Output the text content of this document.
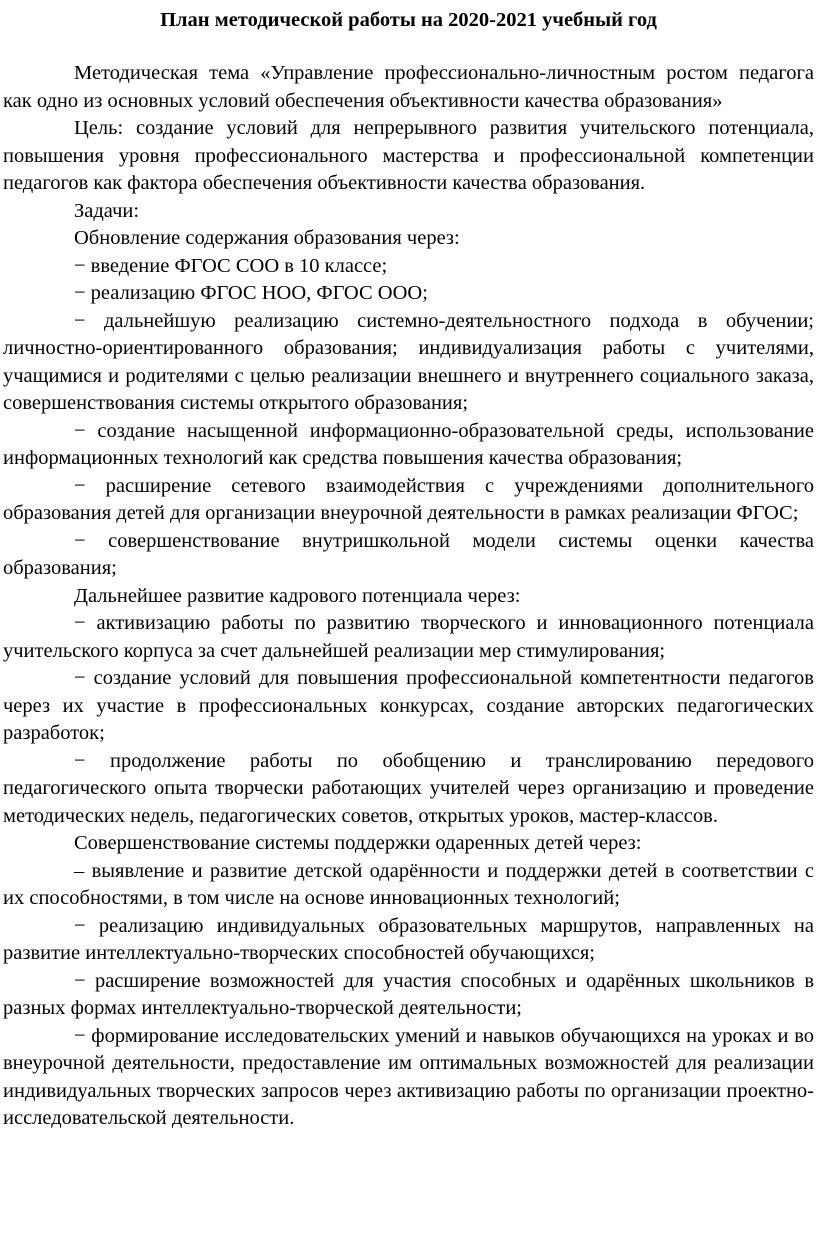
План методической работы на 2020-2021 учебный год

Методическая тема «Управление профессионально-личностным ростом педагога как одно из основных условий обеспечения объективности качества образования»

Цель: создание условий для непрерывного развития учительского потенциала, повышения уровня профессионального мастерства и профессиональной компетенции педагогов как фактора обеспечения объективности качества образования.

Задачи:

Обновление содержания образования через:

− введение ФГОС СОО в 10 классе;

− реализацию ФГОС НОО, ФГОС ООО;

− дальнейшую реализацию системно-деятельностного подхода в обучении; личностно-ориентированного образования; индивидуализация работы с учителями, учащимися и родителями с целью реализации внешнего и внутреннего социального заказа, совершенствования системы открытого образования;

− создание насыщенной информационно-образовательной среды, использование информационных технологий как средства повышения качества образования;

− расширение сетевого взаимодействия с учреждениями дополнительного образования детей для организации внеурочной деятельности в рамках реализации ФГОС;

− совершенствование внутришкольной модели системы оценки качества образования;

Дальнейшее развитие кадрового потенциала через:

− активизацию работы по развитию творческого и инновационного потенциала учительского корпуса за счет дальнейшей реализации мер стимулирования;

− создание условий для повышения профессиональной компетентности педагогов через их участие в профессиональных конкурсах, создание авторских педагогических разработок;

− продолжение работы по обобщению и транслированию передового педагогического опыта творчески работающих учителей через организацию и проведение методических недель, педагогических советов, открытых уроков, мастер-классов.

Совершенствование системы поддержки одаренных детей через:

– выявление и развитие детской одарённости и поддержки детей в соответствии с их способностями, в том числе на основе инновационных технологий;

− реализацию индивидуальных образовательных маршрутов, направленных на развитие интеллектуально-творческих способностей обучающихся;

− расширение возможностей для участия способных и одарённых школьников в разных формах интеллектуально-творческой деятельности;

− формирование исследовательских умений и навыков обучающихся на уроках и во внеурочной деятельности, предоставление им оптимальных возможностей для реализации индивидуальных творческих запросов через активизацию работы по организации проектно-исследовательской деятельности.
